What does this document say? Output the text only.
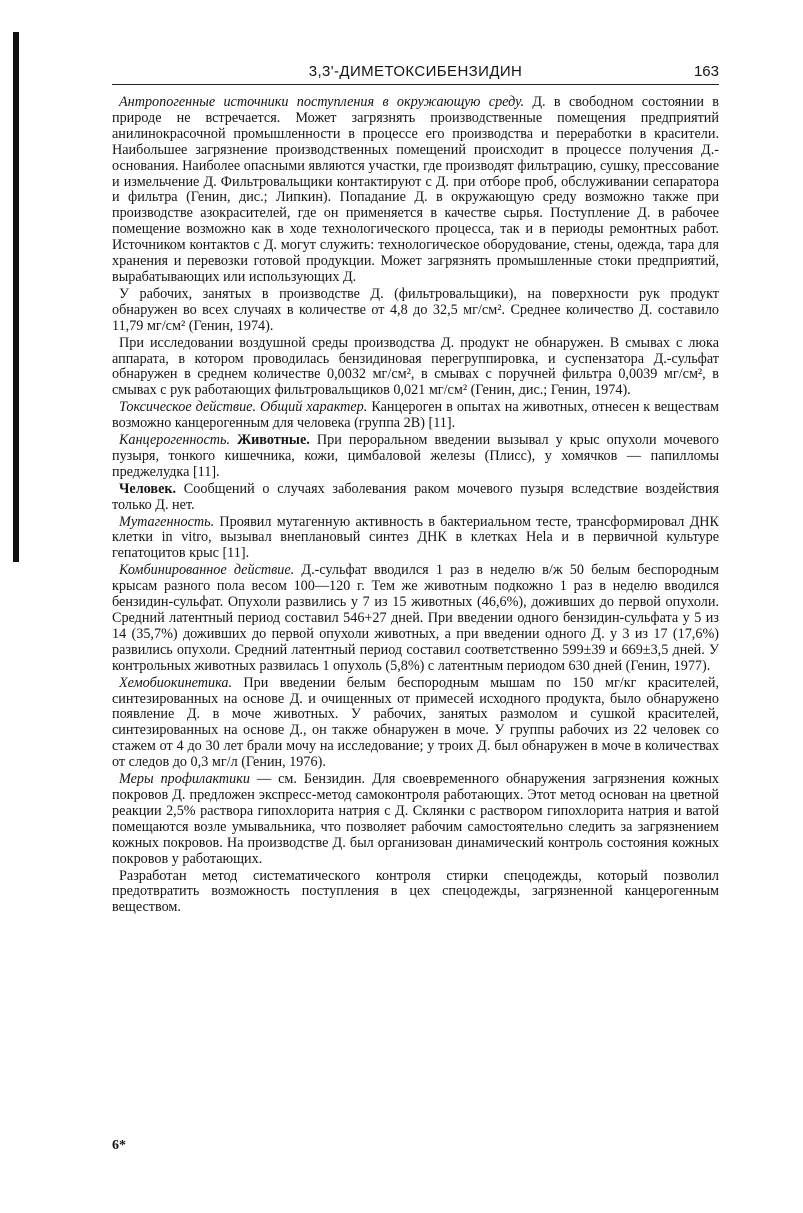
3,3'-ДИМЕТОКСИБЕНЗИДИН	163

Антропогенные источники поступления в окружающую среду. Д. в свободном состоянии в природе не встречается. Может загрязнять производственные помещения предприятий анилинокрасочной промышленности в процессе его производства и переработки в красители. Наибольшее загрязнение производственных помещений происходит в процессе получения Д.-основания. Наиболее опасными являются участки, где производят фильтрацию, сушку, прессование и измельчение Д. Фильтровальщики контактируют с Д. при отборе проб, обслуживании сепаратора и фильтра (Генин, дис.; Липкин). Попадание Д. в окружающую среду возможно также при производстве азокрасителей, где он применяется в качестве сырья. Поступление Д. в рабочее помещение возможно как в ходе технологического процесса, так и в периоды ремонтных работ. Источником контактов с Д. могут служить: технологическое оборудование, стены, одежда, тара для хранения и перевозки готовой продукции. Может загрязнять промышленные стоки предприятий, вырабатывающих или использующих Д.

У рабочих, занятых в производстве Д. (фильтровальщики), на поверхности рук продукт обнаружен во всех случаях в количестве от 4,8 до 32,5 мг/см². Среднее количество Д. составило 11,79 мг/см² (Генин, 1974).

При исследовании воздушной среды производства Д. продукт не обнаружен. В смывах с люка аппарата, в котором проводилась бензидиновая перегруппировка, и суспензатора Д.-сульфат обнаружен в среднем количестве 0,0032 мг/см², в смывах с поручней фильтра 0,0039 мг/см², в смывах с рук работающих фильтровальщиков 0,021 мг/см² (Генин, дис.; Генин, 1974).

Токсическое действие. Общий характер. Канцероген в опытах на животных, отнесен к веществам возможно канцерогенным для человека (группа 2В) [11].

Канцерогенность. Животные. При пероральном введении вызывал у крыс опухоли мочевого пузыря, тонкого кишечника, кожи, цимбаловой железы (Плисс), у хомячков — папилломы преджелудка [11].

Человек. Сообщений о случаях заболевания раком мочевого пузыря вследствие воздействия только Д. нет.

Мутагенность. Проявил мутагенную активность в бактериальном тесте, трансформировал ДНК клетки in vitro, вызывал внеплановый синтез ДНК в клетках Hela и в первичной культуре гепатоцитов крыс [11].

Комбинированное действие. Д.-сульфат вводился 1 раз в неделю в/ж 50 белым беспородным крысам разного пола весом 100—120 г. Тем же животным подкожно 1 раз в неделю вводился бензидин-сульфат. Опухоли развились у 7 из 15 животных (46,6%), доживших до первой опухоли. Средний латентный период составил 546+27 дней. При введении одного бензидин-сульфата у 5 из 14 (35,7%) доживших до первой опухоли животных, а при введении одного Д. у 3 из 17 (17,6%) развились опухоли. Средний латентный период составил соответственно 599±39 и 669±3,5 дней. У контрольных животных развилась 1 опухоль (5,8%) с латентным периодом 630 дней (Генин, 1977).

Хемобиокинетика. При введении белым беспородным мышам по 150 мг/кг красителей, синтезированных на основе Д. и очищенных от примесей исходного продукта, было обнаружено появление Д. в моче животных. У рабочих, занятых размолом и сушкой красителей, синтезированных на основе Д., он также обнаружен в моче. У группы рабочих из 22 человек со стажем от 4 до 30 лет брали мочу на исследование; у троих Д. был обнаружен в моче в количествах от следов до 0,3 мг/л (Генин, 1976).

Меры профилактики — см. Бензидин. Для своевременного обнаружения загрязнения кожных покровов Д. предложен экспресс-метод самоконтроля работающих. Этот метод основан на цветной реакции 2,5% раствора гипохлорита натрия с Д. Склянки с раствором гипохлорита натрия и ватой помещаются возле умывальника, что позволяет рабочим самостоятельно следить за загрязнением кожных покровов. На производстве Д. был организован динамический контроль состояния кожных покровов у работающих.

Разработан метод систематического контроля стирки спецодежды, который позволил предотвратить возможность поступления в цех спецодежды, загрязненной канцерогенным веществом.

6*
